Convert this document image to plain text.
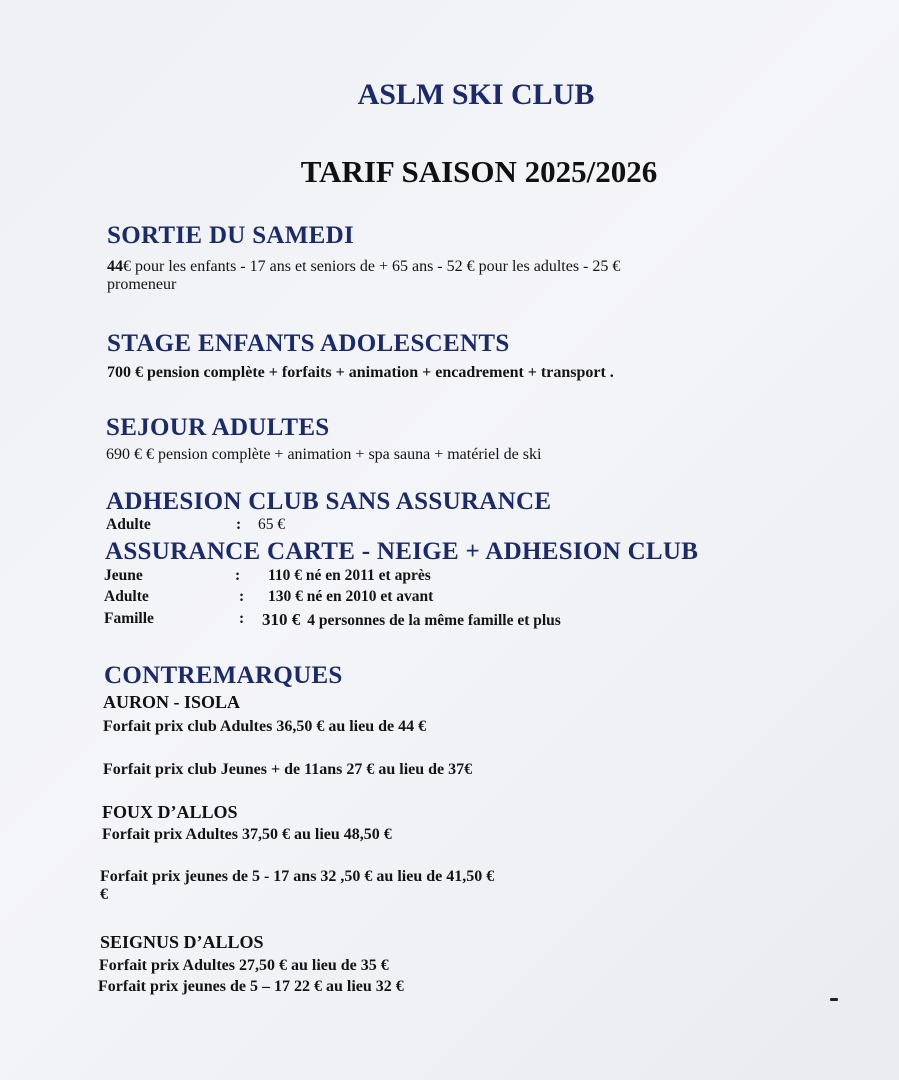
ASLM SKI CLUB
TARIF SAISON 2025/2026
SORTIE DU SAMEDI
44€ pour les enfants - 17 ans et seniors de + 65 ans - 52 € pour les adultes - 25 €
promeneur
STAGE ENFANTS ADOLESCENTS
700 € pension complète + forfaits + animation + encadrement + transport .
SEJOUR ADULTES
690 € € pension complète + animation + spa sauna + matériel de ski
ADHESION CLUB SANS ASSURANCE
Adulte	:	65 €
ASSURANCE CARTE - NEIGE + ADHESION CLUB
Jeune	:	110 € né en 2011 et après
Adulte	:	130 € né en 2010 et avant
Famille	:	310 € 4 personnes de la même famille et plus
CONTREMARQUES
AURON - ISOLA
Forfait prix club Adultes 36,50 € au lieu de 44 €
Forfait prix club Jeunes + de 11ans 27 € au lieu de 37€
FOUX D’ALLOS
Forfait prix Adultes 37,50 € au lieu 48,50 €
Forfait prix jeunes de 5 - 17 ans 32 ,50 € au lieu de 41,50 €
€
SEIGNUS D’ALLOS
Forfait prix Adultes 27,50 € au lieu de 35 €
Forfait prix jeunes de 5 – 17 22 € au lieu 32 €
